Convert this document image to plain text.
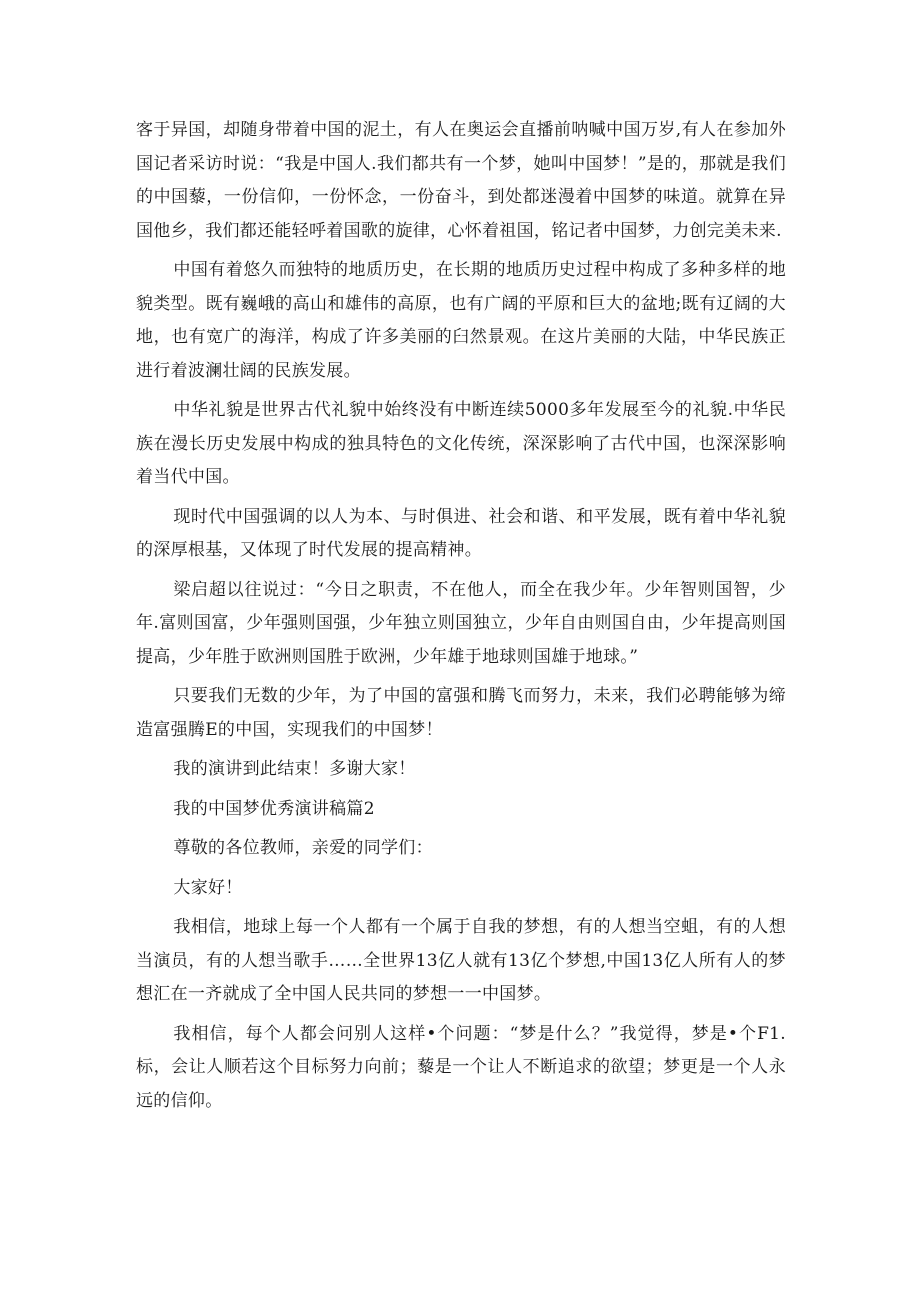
客于异国，却随身带着中国的泥土，有人在奥运会直播前呐喊中国万岁,有人在参加外国记者采访时说：“我是中国人.我们都共有一个梦，她叫中国梦！”是的，那就是我们的中国藜，一份信仰，一份怀念，一份奋斗，到处都迷漫着中国梦的味道。就算在异国他乡，我们都还能轻呼着国歌的旋律，心怀着祖国，铭记者中国梦，力创完美未来.

中国有着悠久而独特的地质历史，在长期的地质历史过程中构成了多种多样的地貌类型。既有巍峨的高山和雄伟的高原，也有广阔的平原和巨大的盆地;既有辽阔的大地，也有宽广的海洋，构成了许多美丽的臼然景观。在这片美丽的大陆，中华民族正进行着波澜壮阔的民族发展。

中华礼貌是世界古代礼貌中始终没有中断连续5000多年发展至今的礼貌.中华民族在漫长历史发展中构成的独具特色的文化传统，深深影响了古代中国，也深深影响着当代中国。

现时代中国强调的以人为本、与时俱进、社会和谐、和平发展，既有着中华礼貌的深厚根基，又体现了时代发展的提高精神。

梁启超以往说过：“今日之职责，不在他人，而全在我少年。少年智则国智，少年.富则国富，少年强则国强，少年独立则国独立，少年自由则国自由，少年提高则国提高，少年胜于欧洲则国胜于欧洲，少年雄于地球则国雄于地球。”

只要我们无数的少年，为了中国的富强和腾飞而努力，未来，我们必聘能够为缔造富强腾E的中国，实现我们的中国梦！

我的演讲到此结束！多谢大家！

我的中国梦优秀演讲稿篇2

尊敬的各位教师，亲爱的同学们：

大家好！

我相信，地球上每一个人都有一个属于自我的梦想，有的人想当空蛆，有的人想当演员，有的人想当歌手……全世界13亿人就有13亿个梦想,中国13亿人所有人的梦想汇在一齐就成了全中国人民共同的梦想一一中国梦。

我相信，每个人都会问别人这样•个问题：“梦是什么？”我觉得，梦是•个F1.标，会让人顺若这个目标努力向前；藜是一个让人不断追求的欲望；梦更是一个人永远的信仰。
